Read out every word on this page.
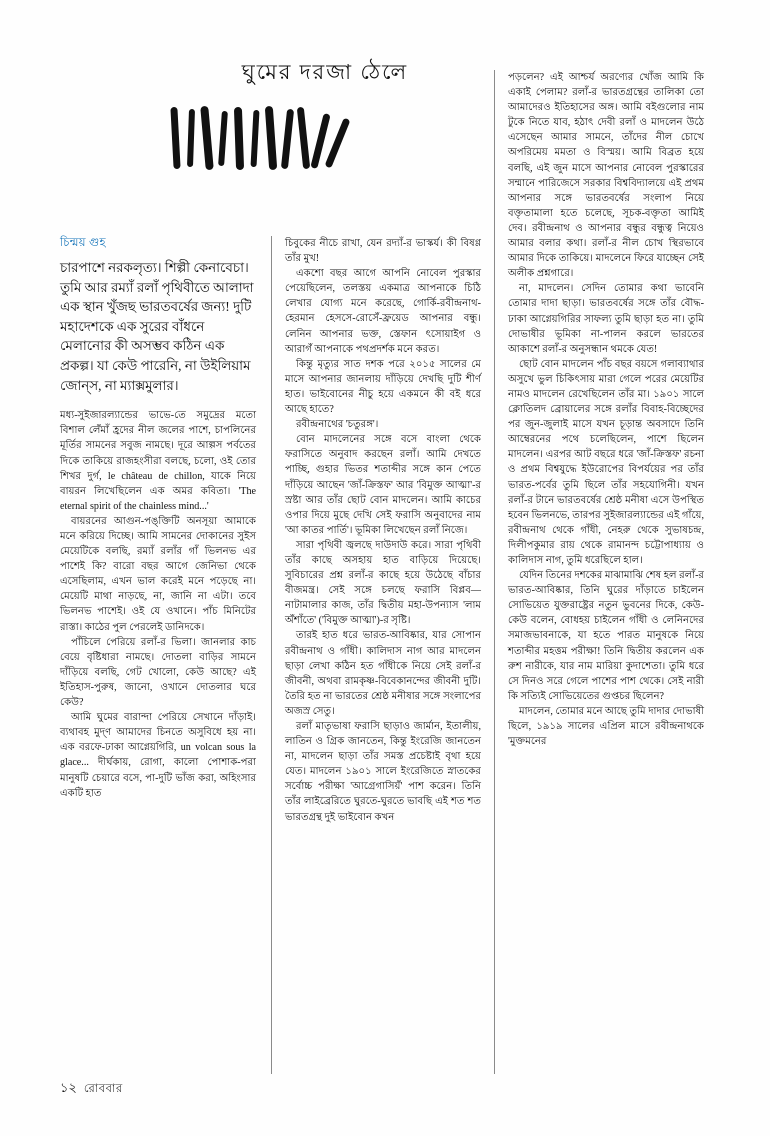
ঘুমের দরজা ঠেলে
চিন্ময় গুহ
চারপাশে নরকলৃত্য। শিল্পী কেনাবেচা। তুমি আর রম্যাঁ রলাঁ পৃথিবীতে আলাদা এক স্থান খুঁজছ ভারতবর্ষের জন্য! দুটি মহাদেশকে এক সুরের বাঁধনে মেলানোর কী অসম্ভব কঠিন এক প্রকল্প। যা কেউ পারেনি, না উইলিয়াম জোন্‌স, না ম্যাক্সমুলার।

মধ্য-সুইজারল্যান্ডের ভাভে-তে সমুদ্রের মতো বিশাল লেঁমাঁ হ্রদের নীল জলের পাশে, চাপলিনের মূর্তির সামনের সবুজ নামছে। দূরে আল্পস পর্বতের দিকে তাকিয়ে রাজহংসীরা বলছে, চলো, ওই তোর শিখর দুর্গ, le château de chillon, যাকে নিয়ে বায়রন লিখেছিলেন এক অমর কবিতা। 'The eternal spirit of the chainless mind...'

বায়রনের আগুন-পঙ্‌ক্তিটি অনসূয়া আমাকে মনে করিয়ে দিচ্ছে। আমি সামনের দোকানের সুইস মেয়েটিকে বলছি, রম্যাঁ রলাঁর গাঁ ভিলনভ এর পাশেই কি? বারো বছর আগে জেনিভা থেকে এসেছিলাম, এখন ভাল করেই মনে পড়েছে না। মেয়েটি মাথা নাড়ছে, না, জানি না এটা। তবে ভিলনভ পাশেই। ওই যে ওখানে। পাঁচ মিনিটের রাস্তা। কাঠের পুল পেরলেই ডানিদকে।

পাঁচিলে পেরিয়ে রলাঁ-র ভিলা। জানলার কাচ বেয়ে বৃষ্টিধারা নামছে। দোতলা বাড়ির সামনে দাঁড়িয়ে বলছি, গেট খোলো, কেউ আছে? এই ইতিহাস-পুরুষ, জানো, ওখানে দোতলার ঘরে কেউ?

আমি ঘুমের বারান্দা পেরিয়ে সেখানে দাঁড়াই। ব্যথাবহ মুদ্‌ণ আমাদের চিনতে অসুবিধে হয় না। এক বরফে-ঢাকা আগ্নেয়গিরি, un volcan sous la glace... দীর্ঘকায়, রোগা, কালো পোশাক-পরা মানুষটি চেয়ারে বসে, পা-দুটি ভাঁজ করা, অহিংসার একটি হাত

চিবুকের নীচে রাখা, যেন রদ্যাঁ-র ভাস্কর্য। কী বিষণ্ণ তাঁর মুখ!

একশো বছর আগে আপনি নোবেল পুরস্কার পেয়েছিলেন, তলস্তয় একমাত্র আপনাকে চিঠি লেখার যোগ্য মনে করেছে, গোর্কি-রবীন্দ্রনাথ-হেরমান হেসসে-রোসেঁ-ফ্রয়েড আপনার বন্ধু। লেনিন আপনার ভক্ত, স্তেফান ৎসোয়াইগ ও আরাগঁ আপনাকে পথপ্রদর্শক মনে করত।

কিন্তু মৃত্যুর সাত দশক পরে ২০১৫ সালের মে মাসে আপনার জানলায় দাঁড়িয়ে দেখছি দুটি শীর্ণ হাত। ভাইবোনের নীচু হয়ে একমনে কী বই ধরে আছে হাতে?

রবীন্দ্রনাথের 'চতুরঙ্গ'।

বোন মাদলেনের সঙ্গে বসে বাংলা থেকে ফরাসিতে অনুবাদ করছেন রলাঁ। আমি দেখতে পাচ্ছি, গুহার ভিতর শতাব্দীর সঙ্গে কান পেতে দাঁড়িয়ে আছেন 'জাঁ-ক্রিস্তফ' আর 'বিমুক্ত আত্মা'-র স্রষ্টা আর তাঁর ছোট বোন মাদলেন। আমি কাচের ওপার দিয়ে মুছে দেখি সেই ফরাসি অনুবাদের নাম 'আ কাতর পার্তি'। ভূমিকা লিখেছেন রলাঁ নিজে।

সারা পৃথিবী জ্বলছে দাউদাউ করে। সারা পৃথিবী তাঁর কাছে অসহায় হাত বাড়িয়ে দিয়েছে। সুবিচারের প্রশ্ন রলাঁ-র কাছে হয়ে উঠেছে বাঁচার বীজমন্ত্র। সেই সঙ্গে চলছে ফরাসি বিপ্লব—নাটামালার কাজ, তাঁর দ্বিতীয় মহা-উপন্যাস 'লাম অঁশাঁতে' ('বিমুক্ত আত্মা')-র সৃষ্টি।

তারই হাত ধরে ভারত-আবিষ্কার, যার সোপান রবীন্দ্রনাথ ও গাঁধী। কালিদাস নাগ আর মাদলেন ছাড়া লেখা কঠিন হত গাঁধীকে নিয়ে সেই রলাঁ-র জীবনী, অথবা রামকৃষ্ণ-বিবেকানন্দের জীবনী দুটি। তৈরি হত না ভারতের শ্রেষ্ঠ মনীষার সঙ্গে সংলাপের অজস্র সেতু।

রলাঁ মাতৃভাষা ফরাসি ছাড়াও জার্মান, ইতালীয়, লাতিন ও গ্রিক জানতেন, কিন্তু ইংরেজি জানতেন না, মাদলেন ছাড়া তাঁর সমস্ত প্রচেষ্টাই বৃথা হয়ে যেত। মাদলেন ১৯০১ সালে ইংরেজিতে স্নাতকের সর্বোচ্চ পরীক্ষা 'আগ্রেগাসিয়ঁ' পাশ করেন। তিনি তাঁর লাইব্রেরিতে ঘুরতে-ঘুরতে ভাবছি এই শত শত ভারতগ্রন্থ দুই ভাইবোন কখন

পড়লেন? এই আশ্চর্য অরণ্যের খোঁজ আমি কি একাই পেলাম? রলাঁ-র ভারতগ্রন্থের তালিকা তো আমাদেরও ইতিহাসের অঙ্গ। আমি বইগুলোর নাম টুকে নিতে যাব, হঠাৎ দেবী রলাঁ ও মাদলেন উঠে এসেছেন আমার সামনে, তাঁদের নীল চোখে অপরিমেয় মমতা ও বিস্ময়। আমি বিব্রত হয়ে বলছি, এই জুন মাসে আপনার নোবেল পুরস্কারের সম্মানে পারিজেসে সরকার বিশ্ববিদ্যালয়ে এই প্রথম আপনার সঙ্গে ভারতবর্ষের সংলাপ নিয়ে বক্তৃতামালা হতে চলেছে, সূচক-বক্তৃতা আমিই দেব। রবীন্দ্রনাথ ও আপনার বন্ধুর বন্ধুত্ব নিয়েও আমার বলার কথা। রলাঁ-র নীল চোখ স্থিরভাবে আমার দিকে তাকিয়ে। মাদলেনে ফিরে যাচ্ছেন সেই অলীক প্রশ্নগারে।

না, মাদলেন। সেদিন তোমার কথা ভাবেনি তোমার দাদা ছাড়া। ভারতবর্ষের সঙ্গে তাঁর বৌদ্ধ-ঢাকা আগ্নেয়গিরির সাফল্য তুমি ছাড়া হত না। তুমি দোভাষীর ভূমিকা না-পালন করলে ভারতের আকাশে রলাঁ-র অনুসন্ধান থমকে যেত!

ছোট বোন মাদলেন পাঁচ বছর বয়সে গলাব্যাথার অসুখে ভুল চিকিৎসায় মারা গেলে পরের মেয়েটির নামও মাদলেন রেখেছিলেন তাঁর মা। ১৯০১ সালে ক্লোতিলদ ব্রোয়ালের সঙ্গে রলাঁর বিবাহ-বিচ্ছেদের পর জুন-জুলাই মাসে যখন চূড়ান্ত অবসাদে তিনি আম্বেরনের পথে চলেছিলেন, পাশে ছিলেন মাদলেন। এরপর আট বছরে ধরে 'জাঁ-ক্রিস্তফ' রচনা ও প্রথম বিশ্বযুদ্ধে ইউরোপের বিপর্যয়ের পর তাঁর ভারত-পর্বের তুমি ছিলে তাঁর সহযোগিনী। যখন রলাঁ-র টানে ভারতবর্ষের শ্রেষ্ঠ মনীষা এসে উপস্থিত হবেন ভিলনভে, তারপর সুইজারল্যান্ডের এই গাঁয়ে, রবীন্দ্রনাথ থেকে গাঁধী, নেহরু থেকে সুভাষচন্দ্র, দিলীপকুমার রায় থেকে রামানন্দ চট্টোপাধ্যায় ও কালিদাস নাগ, তুমি ধরেছিলে হাল।

যেদিন তিনের দশকের মাঝামাঝি শেষ হল রলাঁ-র ভারত-আবিষ্কার, তিনি ঘুরের দাঁড়াতে চাইলেন সোভিয়েত যুক্তরাষ্ট্রের নতুন ভুবনের দিকে, কেউ-কেউ বলেন, বোধহয় চাইলেন গাঁধী ও লেনিনদের সমাজভাবনাকে, যা হতে পারত মানুষকে নিয়ে শতাব্দীর মহত্তম পরীক্ষা! তিনি দ্বিতীয় করলেন এক রুশ নারীকে, যার নাম মারিয়া কুদাশেতা। তুমি ধরে সে দিনও সরে গেলে পাশের পাশ থেকে। সেই নারী কি সত্যিই সোভিয়েতের গুপ্তচর ছিলেন?

মাদলেন, তোমার মনে আছে তুমি দাদার দোভাষী ছিলে, ১৯১৯ সালের এপ্রিল মাসে রবীন্দ্রনাথকে 'মুক্তমনের

১২ রোববার
